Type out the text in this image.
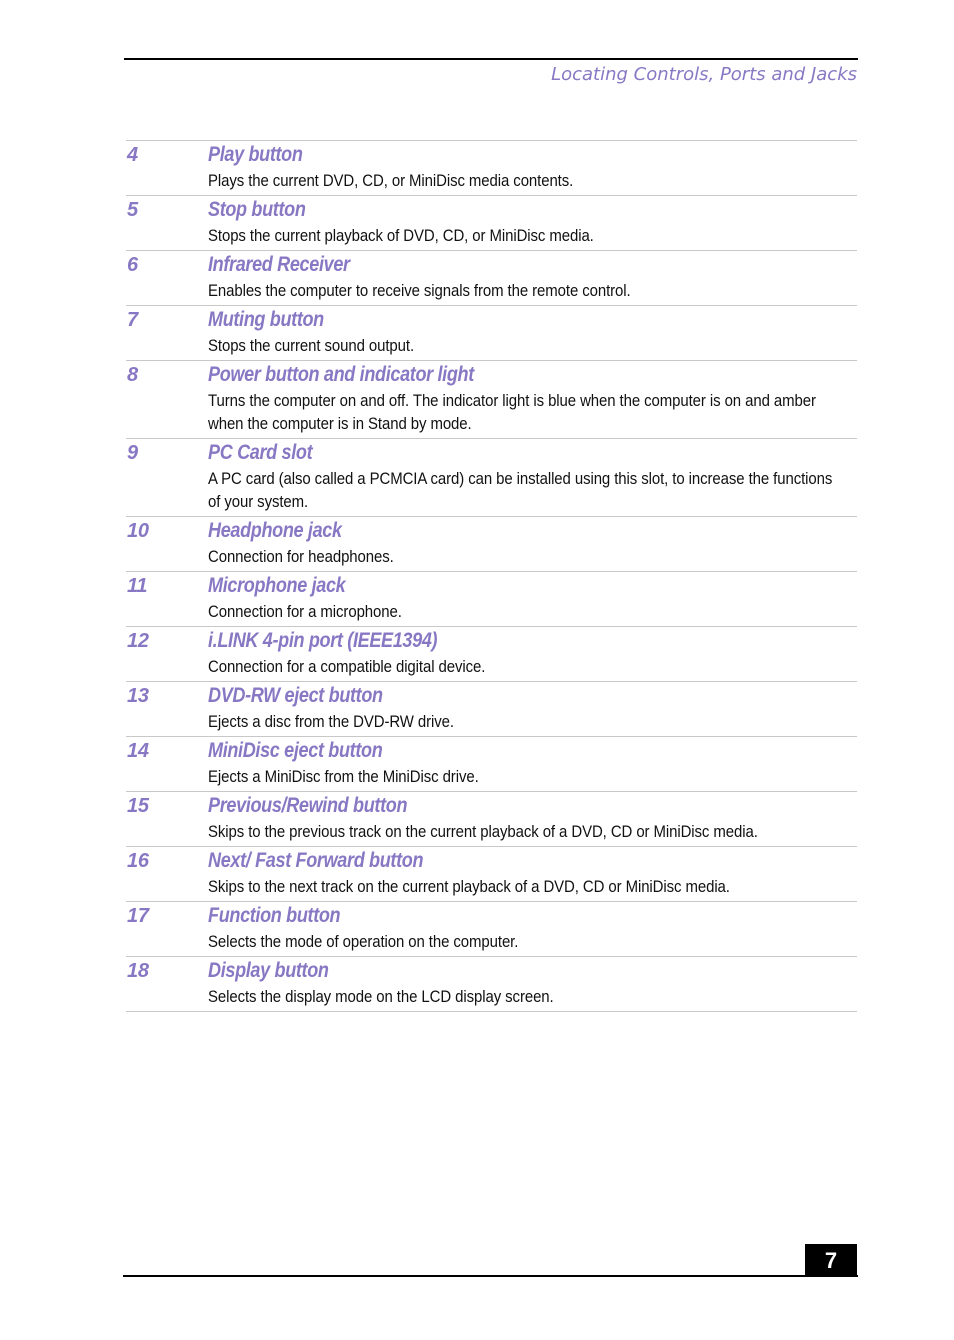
Locating Controls, Ports and Jacks
4	Play button
Plays the current DVD, CD, or MiniDisc media contents.
5	Stop button
Stops the current playback of DVD, CD, or MiniDisc media.
6	Infrared Receiver
Enables the computer to receive signals from the remote control.
7	Muting button
Stops the current sound output.
8	Power button and indicator light
Turns the computer on and off. The indicator light is blue when the computer is on and amber when the computer is in Stand by mode.
9	PC Card slot
A PC card (also called a PCMCIA card) can be installed using this slot, to increase the functions of your system.
10	Headphone jack
Connection for headphones.
11	Microphone jack
Connection for a microphone.
12	i.LINK 4-pin port (IEEE1394)
Connection for a compatible digital device.
13	DVD-RW eject button
Ejects a disc from the DVD-RW drive.
14	MiniDisc eject button
Ejects a MiniDisc from the MiniDisc drive.
15	Previous/Rewind button
Skips to the previous track on the current playback of a DVD, CD or MiniDisc media.
16	Next/ Fast Forward button
Skips to the next track on the current playback of a DVD, CD or MiniDisc media.
17	Function button
Selects the mode of operation on the computer.
18	Display button
Selects the display mode on the LCD display screen.
7
